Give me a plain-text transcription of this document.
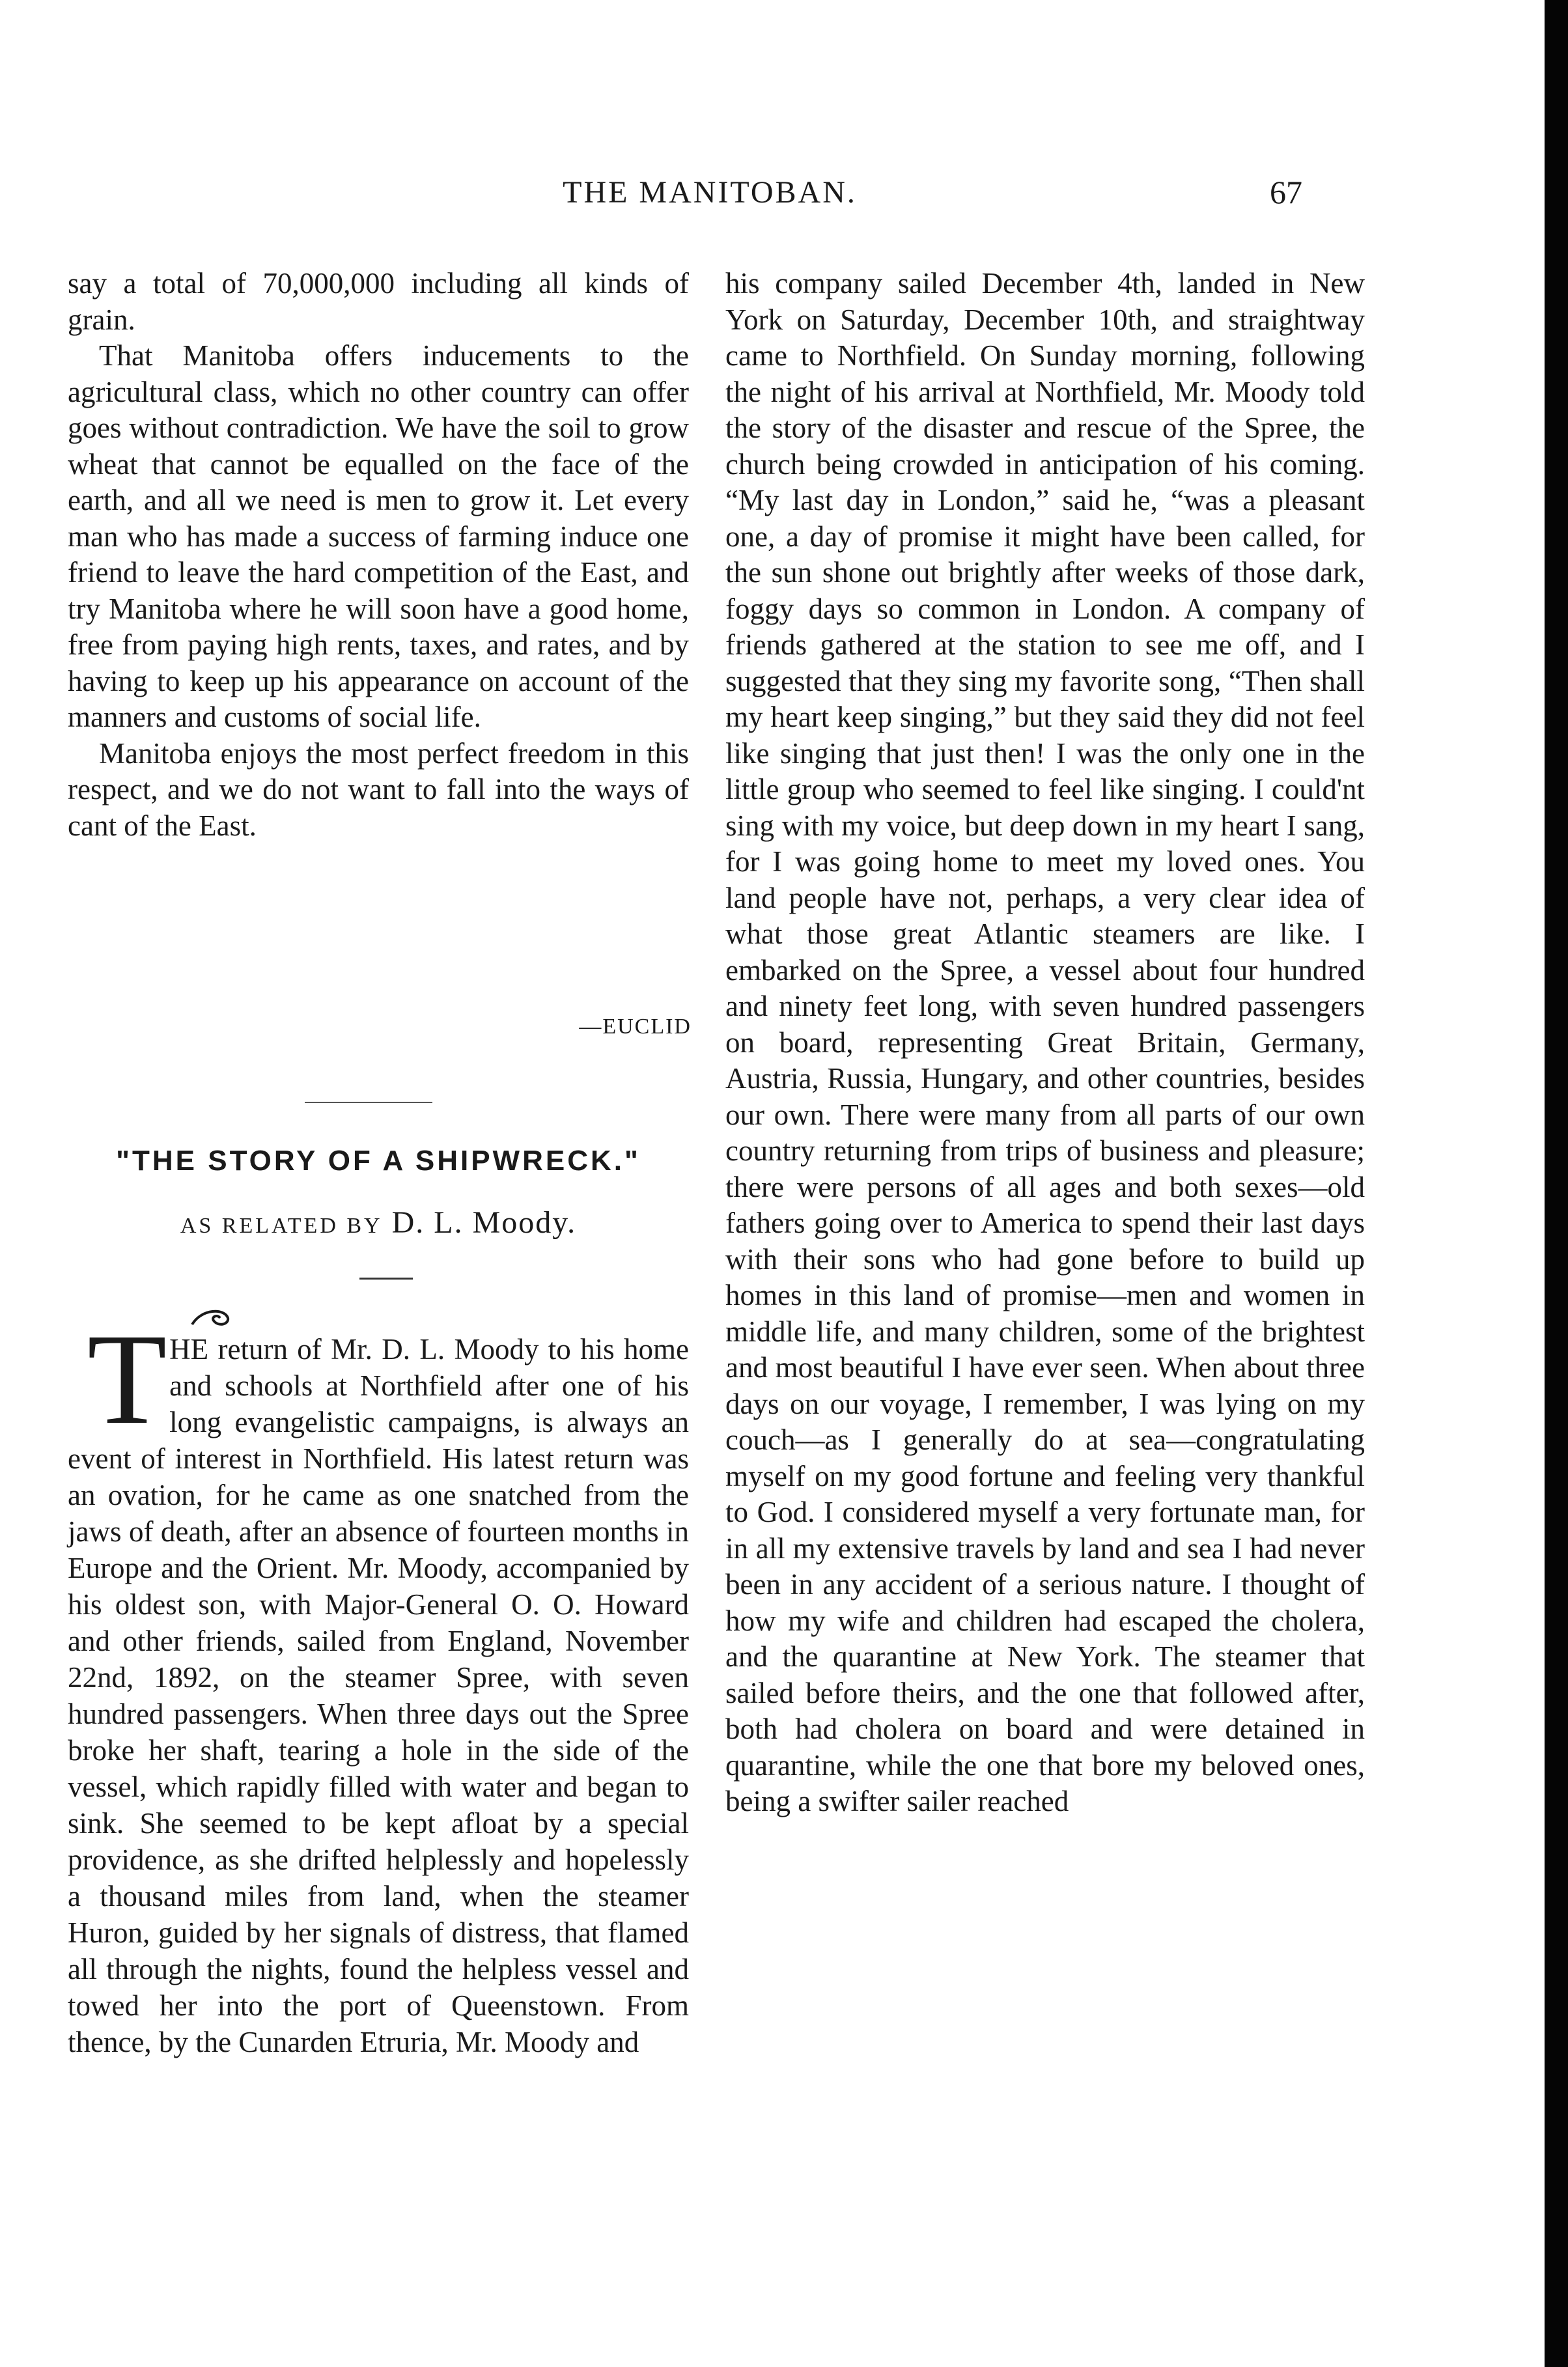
THE MANITOBAN.	67

say a total of 70,000,000 including all kinds of grain.

That Manitoba offers inducements to the agricultural class, which no other country can offer goes without contradiction. We have the soil to grow wheat that cannot be equalled on the face of the earth, and all we need is men to grow it. Let every man who has made a success of farming induce one friend to leave the hard competition of the East, and try Manitoba where he will soon have a good home, free from paying high rents, taxes, and rates, and by having to keep up his appearance on account of the manners and customs of social life.

Manitoba enjoys the most perfect freedom in this respect, and we do not want to fall into the ways of cant of the East.

—EUCLID
"THE STORY OF A SHIPWRECK."
AS RELATED BY D. L. Moody.
T HE return of Mr. D. L. Moody to his home and schools at Northfield after one of his long evangelistic campaigns, is always an event of interest in Northfield. His latest return was an ovation, for he came as one snatched from the jaws of death, after an absence of fourteen months in Europe and the Orient. Mr. Moody, accompanied by his oldest son, with Major-General O. O. Howard and other friends, sailed from England, November 22nd, 1892, on the steamer Spree, with seven hundred passengers. When three days out the Spree broke her shaft, tearing a hole in the side of the vessel, which rapidly filled with water and began to sink. She seemed to be kept afloat by a special providence, as she drifted helplessly and hopelessly a thousand miles from land, when the steamer Huron, guided by her signals of distress, that flamed all through the nights, found the helpless vessel and towed her into the port of Queenstown. From thence, by the Cunarden Etruria, Mr. Moody and

his company sailed December 4th, landed in New York on Saturday, December 10th, and straightway came to Northfield. On Sunday morning, following the night of his arrival at Northfield, Mr. Moody told the story of the disaster and rescue of the Spree, the church being crowded in anticipation of his coming. “My last day in London,” said he, “was a pleasant one, a day of promise it might have been called, for the sun shone out brightly after weeks of those dark, foggy days so common in London. A company of friends gathered at the station to see me off, and I suggested that they sing my favorite song, “Then shall my heart keep singing,” but they said they did not feel like singing that just then! I was the only one in the little group who seemed to feel like singing. I could'nt sing with my voice, but deep down in my heart I sang, for I was going home to meet my loved ones. You land people have not, perhaps, a very clear idea of what those great Atlantic steamers are like. I embarked on the Spree, a vessel about four hundred and ninety feet long, with seven hundred passengers on board, representing Great Britain, Germany, Austria, Russia, Hungary, and other countries, besides our own. There were many from all parts of our own country returning from trips of business and pleasure; there were persons of all ages and both sexes—old fathers going over to America to spend their last days with their sons who had gone before to build up homes in this land of promise—men and women in middle life, and many children, some of the brightest and most beautiful I have ever seen. When about three days on our voyage, I remember, I was lying on my couch—as I generally do at sea—congratulating myself on my good fortune and feeling very thankful to God. I considered myself a very fortunate man, for in all my extensive travels by land and sea I had never been in any accident of a serious nature. I thought of how my wife and children had escaped the cholera, and the quarantine at New York. The steamer that sailed before theirs, and the one that followed after, both had cholera on board and were detained in quarantine, while the one that bore my beloved ones, being a swifter sailer reached
